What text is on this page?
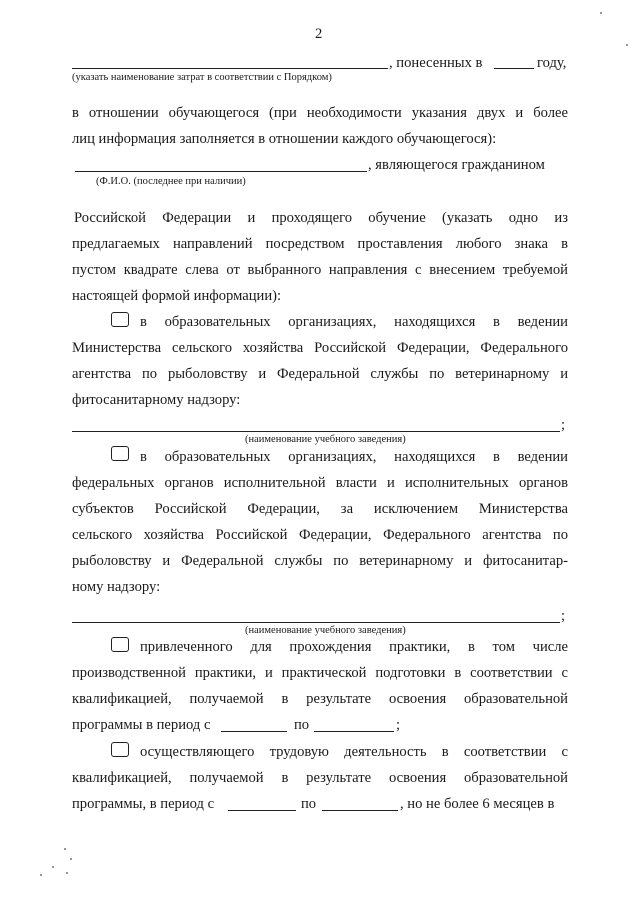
2
, понесенных в	году,
(указать наименование затрат в соответствии с Порядком)
в отношении обучающегося (при необходимости указания двух и более
лиц информация заполняется в отношении каждого обучающегося):
, являющегося гражданином
(Ф.И.О. (последнее при наличии)
Российской Федерации и проходящего обучение (указать одно из
предлагаемых направлений посредством проставления любого знака в
пустом квадрате слева от выбранного направления с внесением требуемой
настоящей формой информации):
в образовательных организациях, находящихся в ведении
Министерства сельского хозяйства Российской Федерации, Федерального
агентства по рыболовству и Федеральной службы по ветеринарному и
фитосанитарному надзору:
;
(наименование учебного заведения)
в образовательных организациях, находящихся в ведении
федеральных органов исполнительной власти и исполнительных органов
субъектов Российской Федерации, за исключением Министерства
сельского хозяйства Российской Федерации, Федерального агентства по
рыболовству и Федеральной службы по ветеринарному и фитосанитар-
ному надзору:
;
(наименование учебного заведения)
привлеченного для прохождения практики, в том числе
производственной практики, и практической подготовки в соответствии с
квалификацией, получаемой в результате освоения образовательной
программы в период с	по	;
осуществляющего трудовую деятельность в соответствии с
квалификацией, получаемой в результате освоения образовательной
программы, в период с	по	, но не более 6 месяцев в
